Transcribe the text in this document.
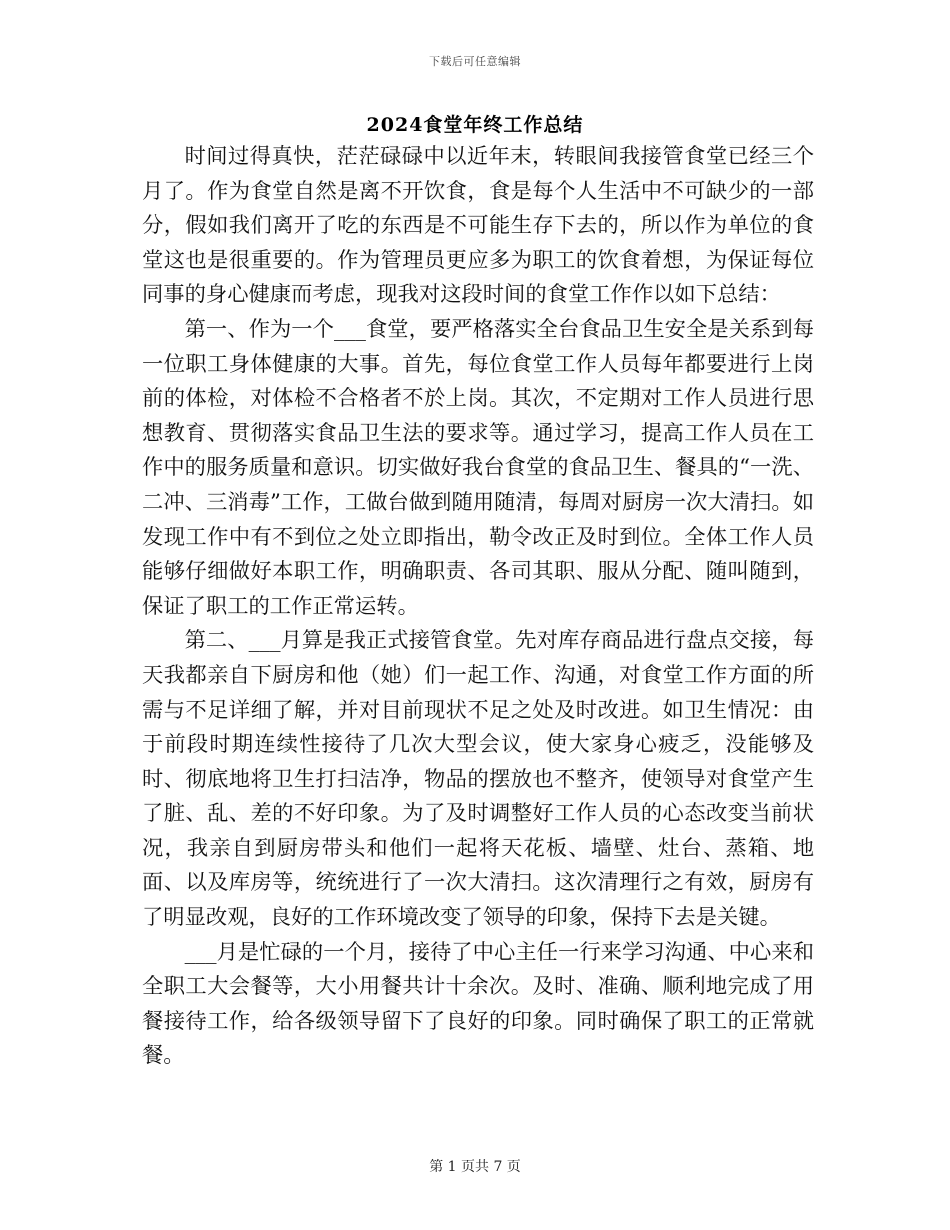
下载后可任意编辑
2024食堂年终工作总结

时间过得真快，茫茫碌碌中以近年末，转眼间我接管食堂已经三个月了。作为食堂自然是离不开饮食，食是每个人生活中不可缺少的一部分，假如我们离开了吃的东西是不可能生存下去的，所以作为单位的食堂这也是很重要的。作为管理员更应多为职工的饮食着想，为保证每位同事的身心健康而考虑，现我对这段时间的食堂工作作以如下总结：

第一、作为一个___食堂，要严格落实全台食品卫生安全是关系到每一位职工身体健康的大事。首先，每位食堂工作人员每年都要进行上岗前的体检，对体检不合格者不於上岗。其次，不定期对工作人员进行思想教育、贯彻落实食品卫生法的要求等。通过学习，提高工作人员在工作中的服务质量和意识。切实做好我台食堂的食品卫生、餐具的“一洗、二冲、三消毒”工作，工做台做到随用随清，每周对厨房一次大清扫。如发现工作中有不到位之处立即指出，勒令改正及时到位。全体工作人员能够仔细做好本职工作，明确职责、各司其职、服从分配、随叫随到，保证了职工的工作正常运转。

第二、___月算是我正式接管食堂。先对库存商品进行盘点交接，每天我都亲自下厨房和他（她）们一起工作、沟通，对食堂工作方面的所需与不足详细了解，并对目前现状不足之处及时改进。如卫生情况：由于前段时期连续性接待了几次大型会议，使大家身心疲乏，没能够及时、彻底地将卫生打扫洁净，物品的摆放也不整齐，使领导对食堂产生了脏、乱、差的不好印象。为了及时调整好工作人员的心态改变当前状况，我亲自到厨房带头和他们一起将天花板、墙壁、灶台、蒸箱、地面、以及库房等，统统进行了一次大清扫。这次清理行之有效，厨房有了明显改观，良好的工作环境改变了领导的印象，保持下去是关键。

___月是忙碌的一个月，接待了中心主任一行来学习沟通、中心来和全职工大会餐等，大小用餐共计十余次。及时、准确、顺利地完成了用餐接待工作，给各级领导留下了良好的印象。同时确保了职工的正常就餐。

第 1 页共 7 页
